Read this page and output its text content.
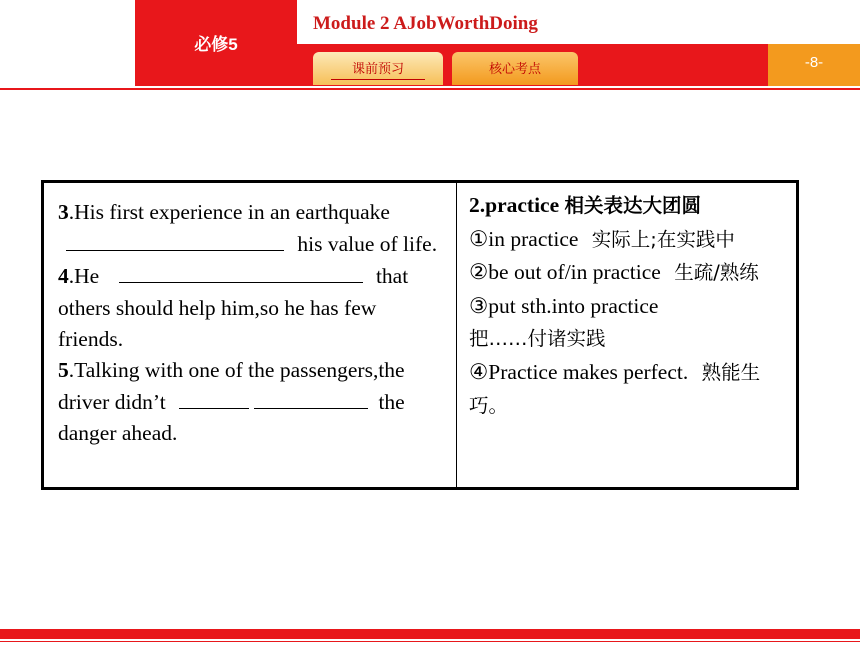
必修5
Module 2 AJobWorthDoing
-8-
课前预习	核心考点

3.His first experience in an earthquake  his value of life.

4.He	that others should help him,so he has few friends.

5.Talking with one of the passengers,the driver didn’t	the danger ahead.

2.practice 相关表达大团圆

①in practice 实际上;在实践中

②be out of/in practice 生疏/熟练

③put sth.into practice
把……付诸实践

④Practice makes perfect. 熟能生巧。
